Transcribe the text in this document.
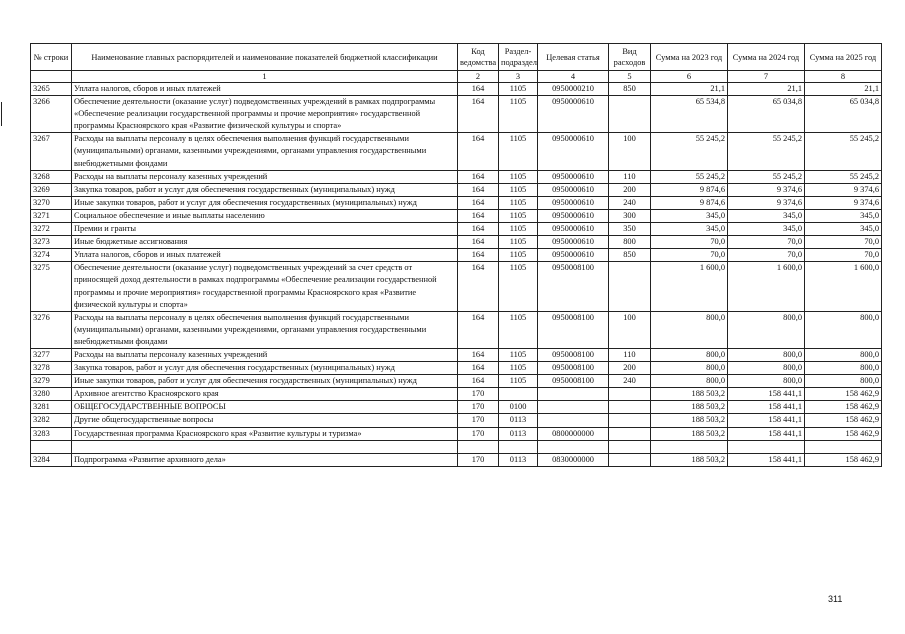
№ строки	Наименование главных распорядителей и наименование показателей бюджетной классификации	Код ведомства	Раздел-подраздел	Целевая статья	Вид расходов	Сумма на 2023 год	Сумма на 2024 год	Сумма на 2025 год
	1	2	3	4	5	6	7	8
3265	Уплата налогов, сборов и иных платежей	164	1105	0950000210	850	21,1	21,1	21,1
3266	Обеспечение деятельности (оказание услуг) подведомственных учреждений в рамках подпрограммы «Обеспечение реализации государственной программы и прочие мероприятия» государственной программы Красноярского края «Развитие физической культуры и спорта»	164	1105	0950000610		65 534,8	65 034,8	65 034,8
3267	Расходы на выплаты персоналу в целях обеспечения выполнения функций государственными (муниципальными) органами, казенными учреждениями, органами управления государственными внебюджетными фондами	164	1105	0950000610	100	55 245,2	55 245,2	55 245,2
3268	Расходы на выплаты персоналу казенных учреждений	164	1105	0950000610	110	55 245,2	55 245,2	55 245,2
3269	Закупка товаров, работ и услуг для обеспечения государственных (муниципальных) нужд	164	1105	0950000610	200	9 874,6	9 374,6	9 374,6
3270	Иные закупки товаров, работ и услуг для обеспечения государственных (муниципальных) нужд	164	1105	0950000610	240	9 874,6	9 374,6	9 374,6
3271	Социальное обеспечение и иные выплаты населению	164	1105	0950000610	300	345,0	345,0	345,0
3272	Премии и гранты	164	1105	0950000610	350	345,0	345,0	345,0
3273	Иные бюджетные ассигнования	164	1105	0950000610	800	70,0	70,0	70,0
3274	Уплата налогов, сборов и иных платежей	164	1105	0950000610	850	70,0	70,0	70,0
3275	Обеспечение деятельности (оказание услуг) подведомственных учреждений за счет средств от приносящей доход деятельности в рамках подпрограммы «Обеспечение реализации государственной программы и прочие мероприятия» государственной программы Красноярского края «Развитие физической культуры и спорта»	164	1105	0950008100		1 600,0	1 600,0	1 600,0
3276	Расходы на выплаты персоналу в целях обеспечения выполнения функций государственными (муниципальными) органами, казенными учреждениями, органами управления государственными внебюджетными фондами	164	1105	0950008100	100	800,0	800,0	800,0
3277	Расходы на выплаты персоналу казенных учреждений	164	1105	0950008100	110	800,0	800,0	800,0
3278	Закупка товаров, работ и услуг для обеспечения государственных (муниципальных) нужд	164	1105	0950008100	200	800,0	800,0	800,0
3279	Иные закупки товаров, работ и услуг для обеспечения государственных (муниципальных) нужд	164	1105	0950008100	240	800,0	800,0	800,0
3280	Архивное агентство Красноярского края	170				188 503,2	158 441,1	158 462,9
3281	ОБЩЕГОСУДАРСТВЕННЫЕ ВОПРОСЫ	170	0100			188 503,2	158 441,1	158 462,9
3282	Другие общегосударственные вопросы	170	0113			188 503,2	158 441,1	158 462,9
3283	Государственная программа Красноярского края «Развитие культуры и туризма»	170	0113	0800000000		188 503,2	158 441,1	158 462,9

3284	Подпрограмма «Развитие архивного дела»	170	0113	0830000000		188 503,2	158 441,1	158 462,9
311
